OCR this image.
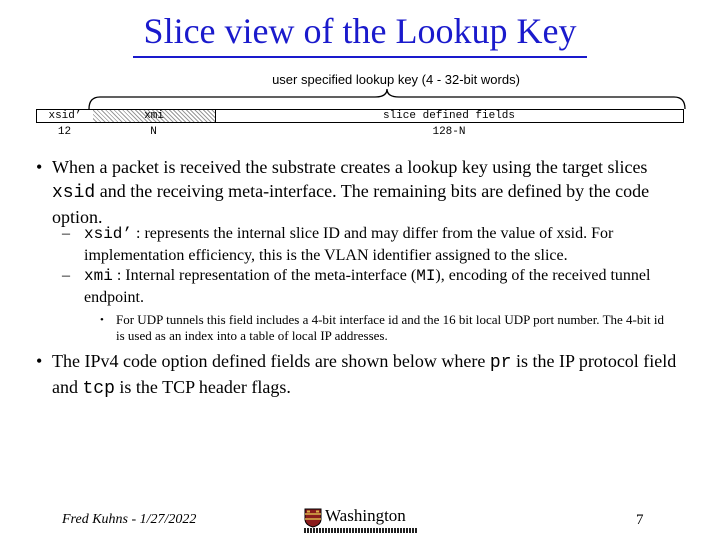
Slice view of the Lookup Key
user specified lookup key (4 - 32-bit words)
xsid’	xmi	slice defined fields
12	N	128-N
• When a packet is received the substrate creates a lookup key using the target slices xsid and the receiving meta-interface. The remaining bits are defined by the code option.
– xsid’ : represents the internal slice ID and may differ from the value of xsid. For implementation efficiency, this is the VLAN identifier assigned to the slice.
– xmi : Internal representation of the meta-interface (MI), encoding of the received tunnel endpoint.
• For UDP tunnels this field includes a 4-bit interface id and the 16 bit local UDP port number. The 4-bit id is used as an index into a table of local IP addresses.
• The IPv4 code option defined fields are shown below where pr is the IP protocol field and tcp is the TCP header flags.
Fred Kuhns - 1/27/2022	Washington	7
